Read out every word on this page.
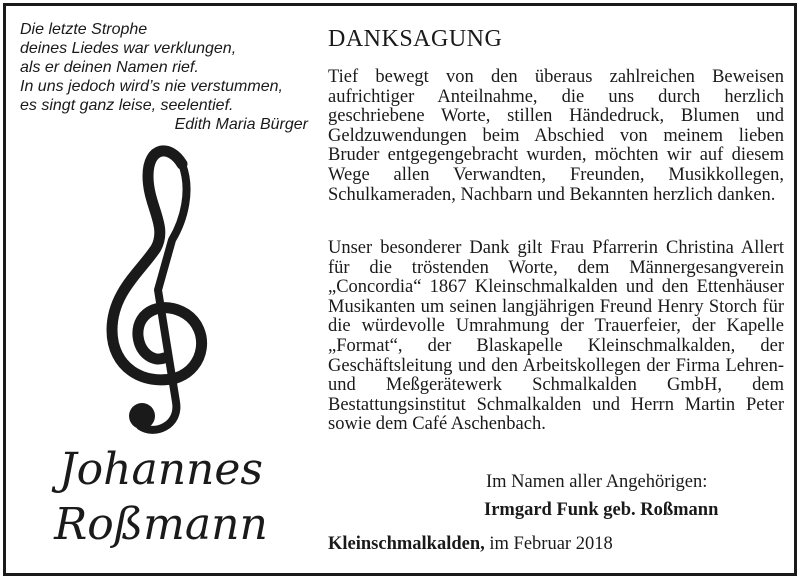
Die letzte Strophe
deines Liedes war verklungen,
als er deinen Namen rief.
In uns jedoch wird’s nie verstummen,
es singt ganz leise, seelentief.
Edith Maria Bürger
Johannes
Roßmann
DANKSAGUNG
Tief bewegt von den überaus zahlreichen Beweisen aufrichtiger Anteilnahme, die uns durch herzlich geschriebene Worte, stillen Händedruck, Blumen und Geldzuwendungen beim Abschied von meinem lieben Bruder entgegengebracht wurden, möchten wir auf diesem Wege allen Verwandten, Freunden, Musikkollegen, Schulkameraden, Nachbarn und Bekannten herzlich danken.
Unser besonderer Dank gilt Frau Pfarrerin Christina Allert für die tröstenden Worte, dem Männergesangverein „Concordia“ 1867 Kleinschmalkalden und den Ettenhäuser Musikanten um seinen langjährigen Freund Henry Storch für die würdevolle Umrahmung der Trauerfeier, der Kapelle „Format“, der Blaskapelle Kleinschmalkalden, der Geschäftsleitung und den Arbeitskollegen der Firma Lehren- und Meßgerätewerk Schmalkalden GmbH, dem Bestattungsinstitut Schmalkalden und Herrn Martin Peter sowie dem Café Aschenbach.
Im Namen aller Angehörigen:
Irmgard Funk geb. Roßmann
Kleinschmalkalden, im Februar 2018
